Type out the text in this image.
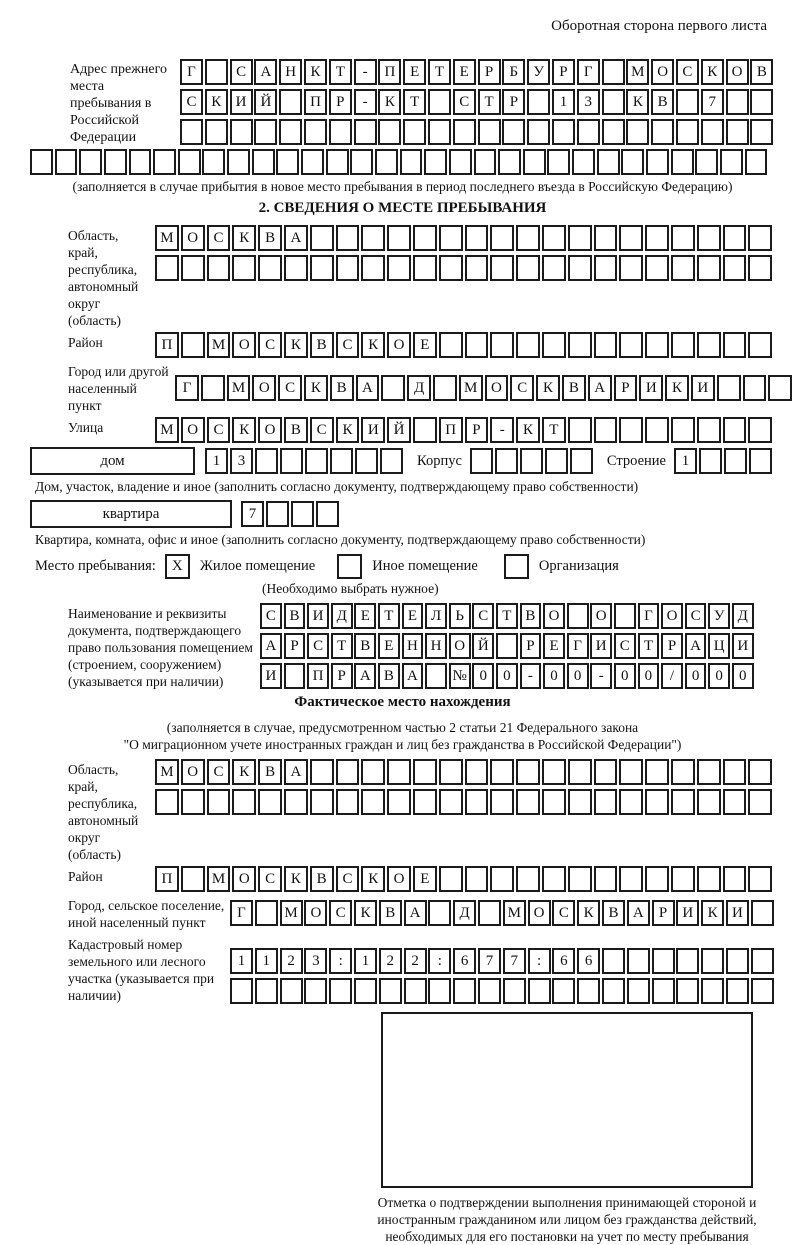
Оборотная сторона первого листа
Адрес прежнего места пребывания в Российской Федерации
Г	С А Н К	Т	-	П Е	Т	Е	Р	Б	У	Р	Г	М О С К О В
С К И Й	П	Р	-	К	Т	С	Т	Р	1	3	К В	7
(заполняется в случае прибытия в новое место пребывания в период последнего въезда в Российскую Федерацию)
2. СВЕДЕНИЯ О МЕСТЕ ПРЕБЫВАНИЯ
Область, край, республика, автономный округ (область)
М О	С	К	В	А
Район	П	М О	С	К	В	С	К	О	Е
Город или другой населенный пункт
Г	М О	С	К	В	А	Д	М О	С	К	В	А	Р	И	К	И
Улица	М О	С	К	О	В	С	К	И Й	П	Р	-	К	Т
дом	1	3	Корпус	Строение	1
Дом, участок, владение и иное (заполнить согласно документу, подтверждающему право собственности)
квартира	7
Квартира, комната, офис и иное (заполнить согласно документу, подтверждающему право собственности)
Место пребывания:	X	Жилое помещение	Иное помещение	Организация
(Необходимо выбрать нужное)
Наименование и реквизиты документа, подтверждающего право пользования помещением (строением, сооружением) (указывается при наличии)
С В И Д Е Т Е Л Ь С Т В О	О	Г О С У Д
А Р С Т В Е Н Н О Й	Р Е Г И С Т Р А Ц И
И	П Р А В А	№ 0	0	-	0	0	-	0	0	/	0	0	0
Фактическое место нахождения
(заполняется в случае, предусмотренном частью 2 статьи 21 Федерального закона
"О миграционном учете иностранных граждан и лиц без гражданства в Российской Федерации")
Область, край, республика, автономный округ (область)
М О	С	К	В	А
Район	П	М О	С	К	В	С	К	О	Е
Город, сельское поселение, иной населенный пункт
Г	М О С К В А	Д	М О С К В А	Р	И К И
Кадастровый номер земельного или лесного участка (указывается при наличии)
1	1	2	3	:	1	2	2	:	6	7	7	:	6	6
Отметка о подтверждении выполнения принимающей стороной и иностранным гражданином или лицом без гражданства действий, необходимых для его постановки на учет по месту пребывания
